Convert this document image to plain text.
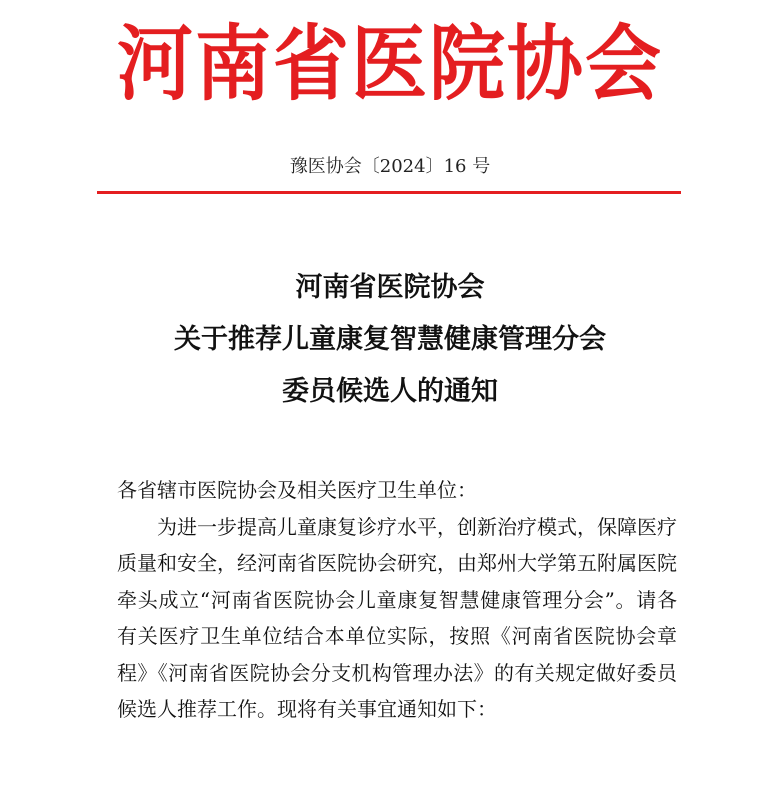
河南省医院协会
豫医协会〔2024〕16 号
河南省医院协会
关于推荐儿童康复智慧健康管理分会
委员候选人的通知

各省辖市医院协会及相关医疗卫生单位：

为进一步提高儿童康复诊疗水平，创新治疗模式，保障医疗质量和安全，经河南省医院协会研究，由郑州大学第五附属医院牵头成立“河南省医院协会儿童康复智慧健康管理分会”。请各有关医疗卫生单位结合本单位实际，按照《河南省医院协会章程》《河南省医院协会分支机构管理办法》的有关规定做好委员候选人推荐工作。现将有关事宜通知如下：
